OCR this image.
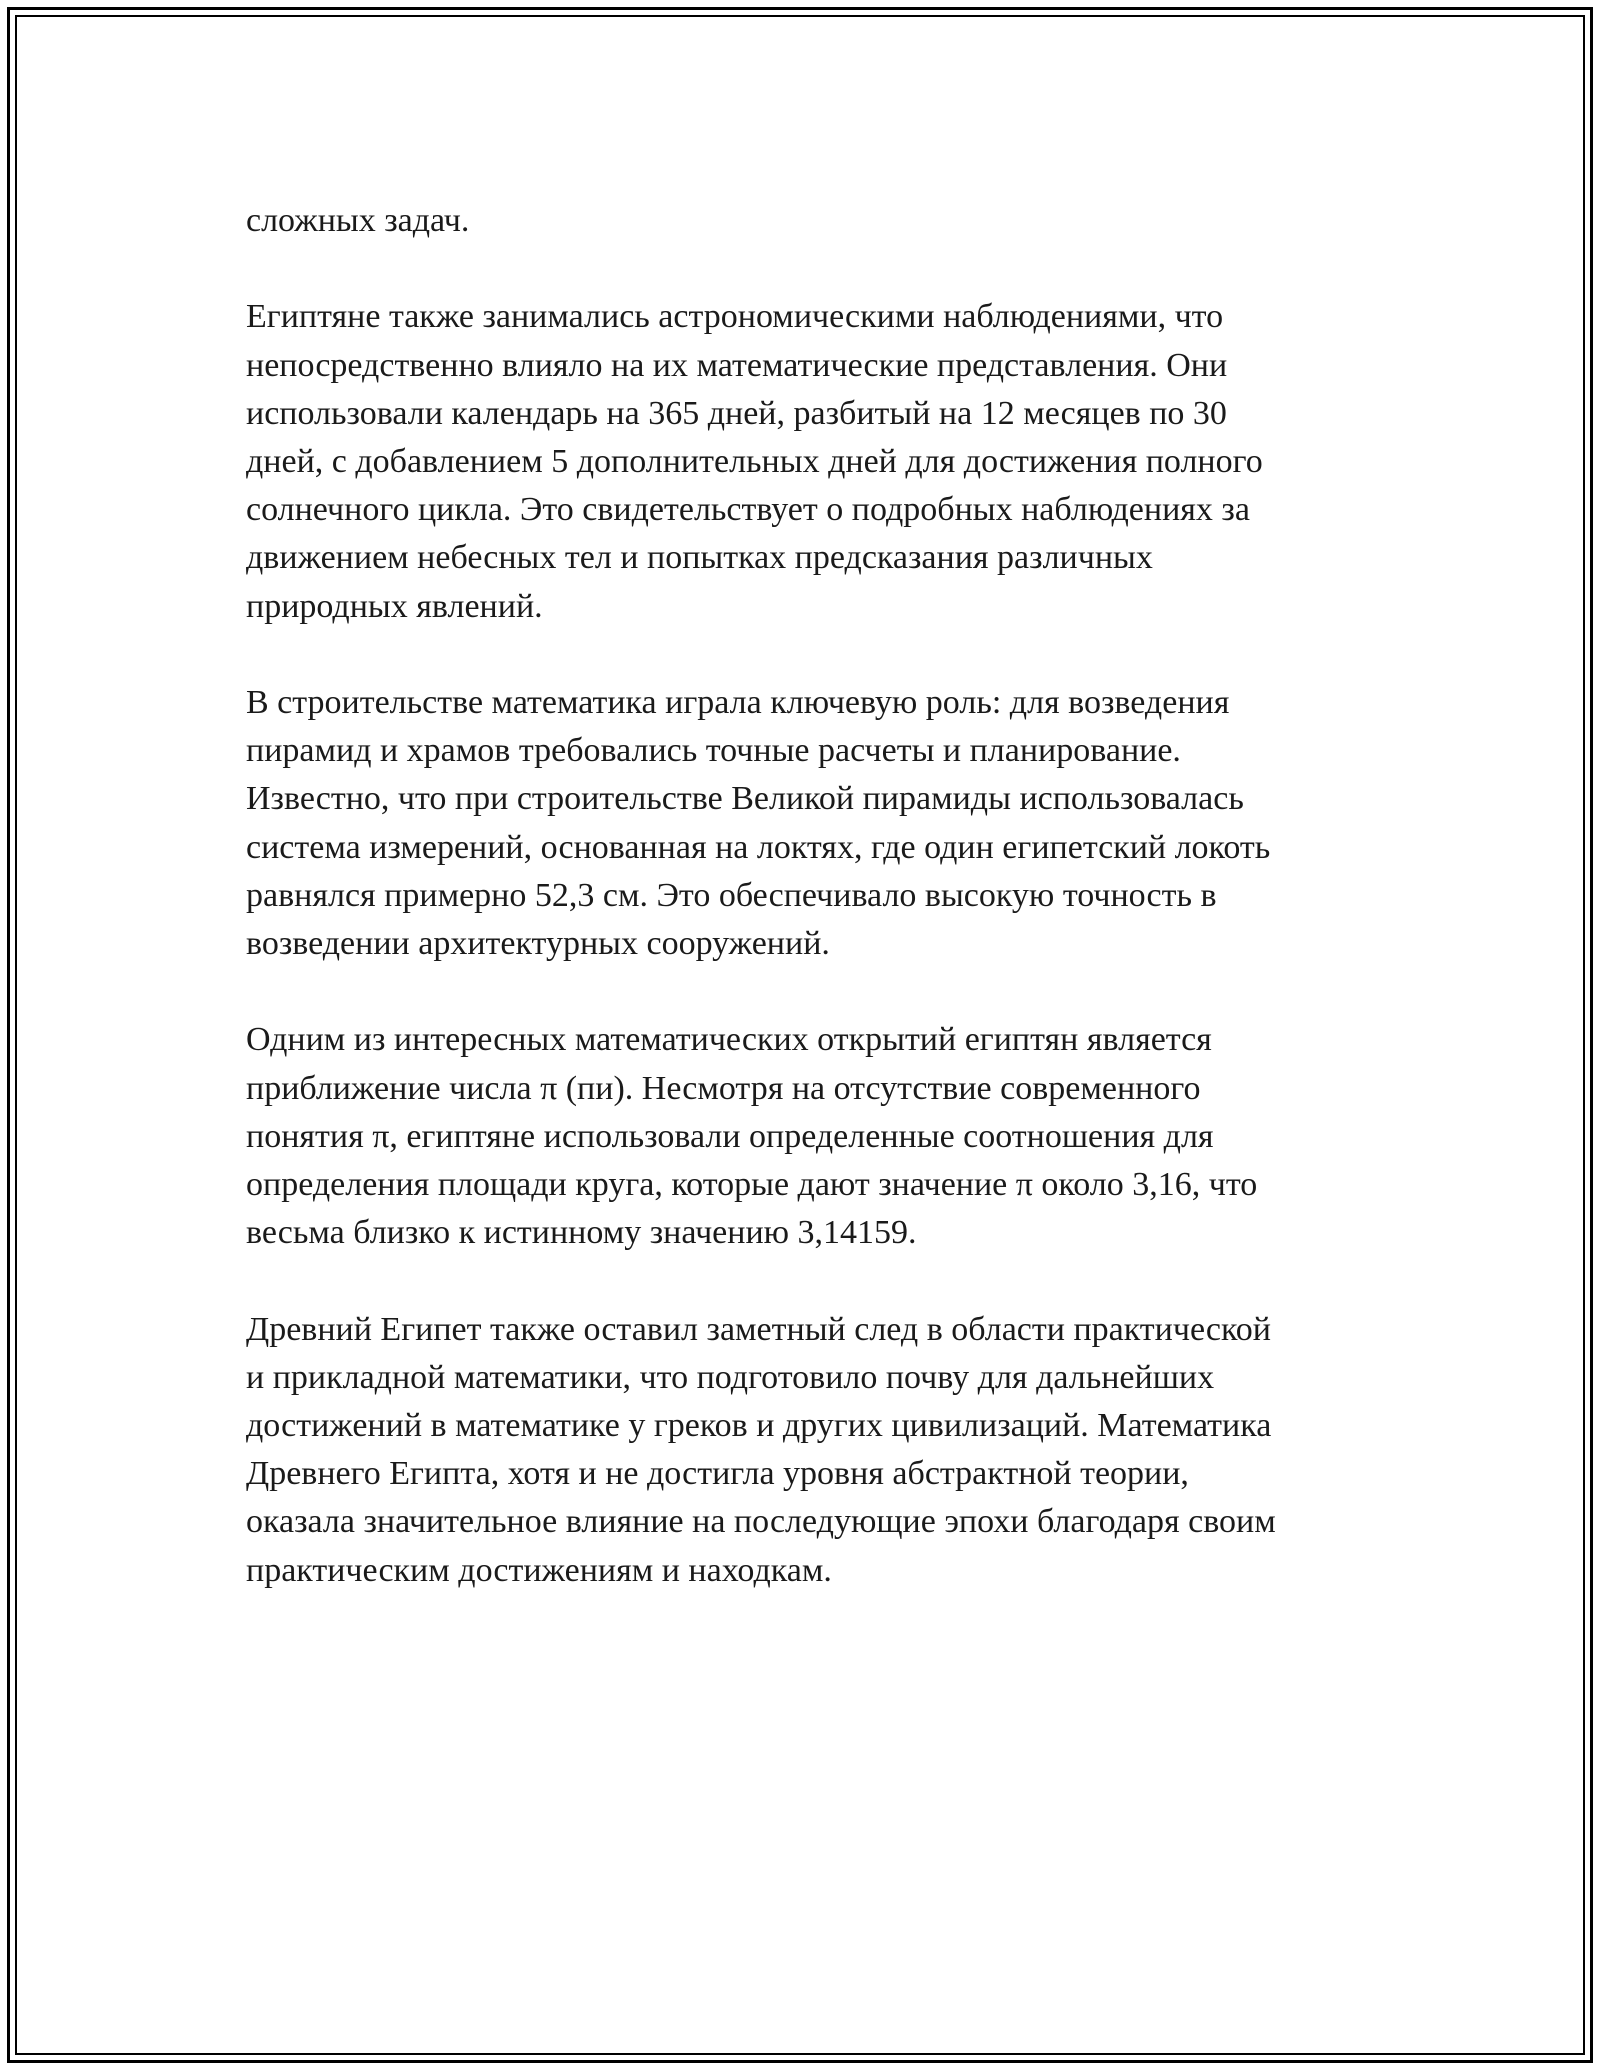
сложных задач.

Египтяне также занимались астрономическими наблюдениями, что
непосредственно влияло на их математические представления. Они
использовали календарь на 365 дней, разбитый на 12 месяцев по 30
дней, с добавлением 5 дополнительных дней для достижения полного
солнечного цикла. Это свидетельствует о подробных наблюдениях за
движением небесных тел и попытках предсказания различных
природных явлений.

В строительстве математика играла ключевую роль: для возведения
пирамид и храмов требовались точные расчеты и планирование.
Известно, что при строительстве Великой пирамиды использовалась
система измерений, основанная на локтях, где один египетский локоть
равнялся примерно 52,3 см. Это обеспечивало высокую точность в
возведении архитектурных сооружений.

Одним из интересных математических открытий египтян является
приближение числа π (пи). Несмотря на отсутствие современного
понятия π, египтяне использовали определенные соотношения для
определения площади круга, которые дают значение π около 3,16, что
весьма близко к истинному значению 3,14159.

Древний Египет также оставил заметный след в области практической
и прикладной математики, что подготовило почву для дальнейших
достижений в математике у греков и других цивилизаций. Математика
Древнего Египта, хотя и не достигла уровня абстрактной теории,
оказала значительное влияние на последующие эпохи благодаря своим
практическим достижениям и находкам.
